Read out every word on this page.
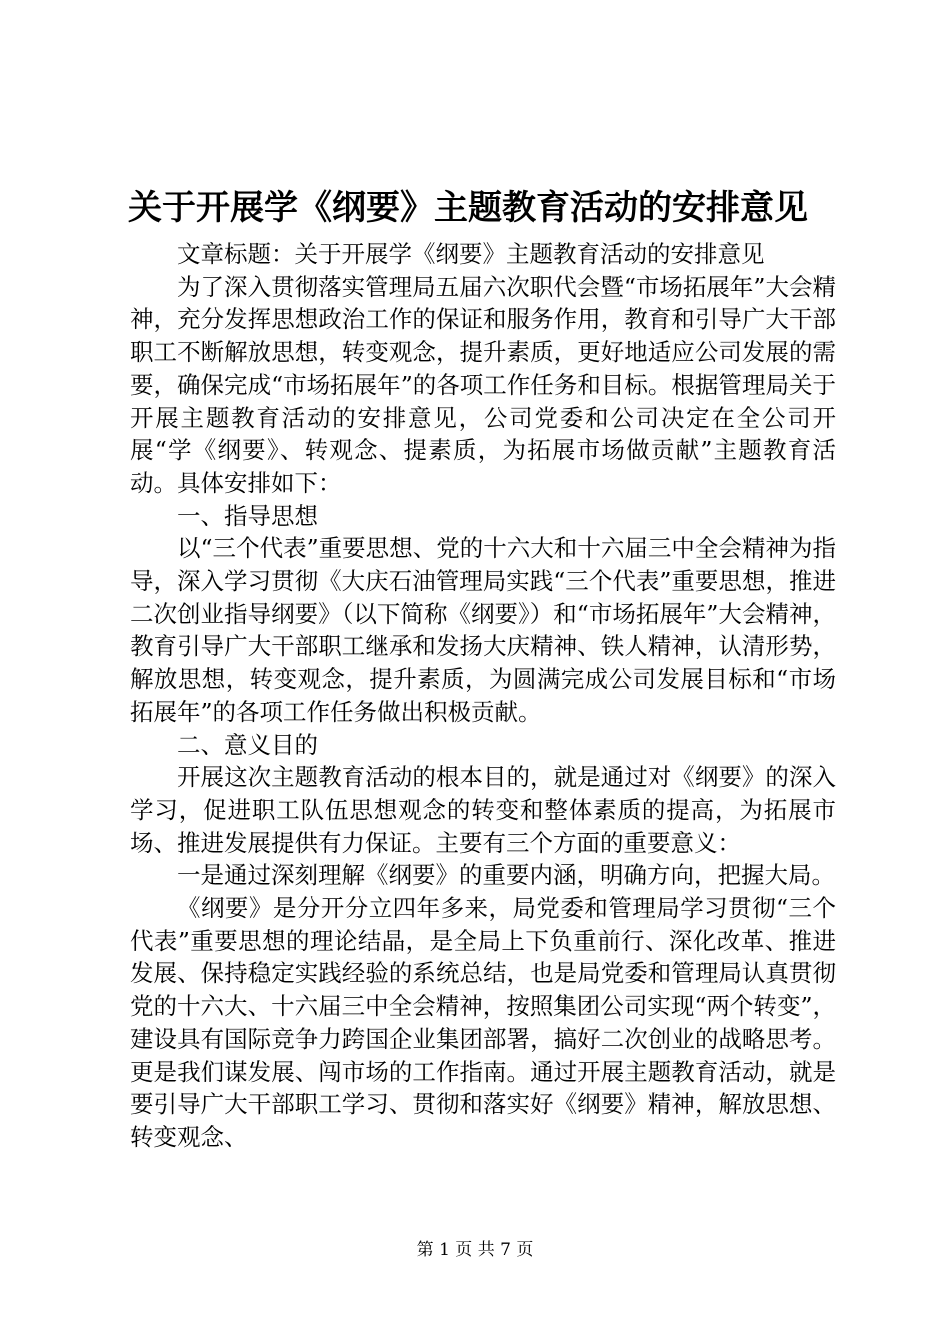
关于开展学《纲要》主题教育活动的安排意见

文章标题：关于开展学《纲要》主题教育活动的安排意见

为了深入贯彻落实管理局五届六次职代会暨“市场拓展年”大会精神，充分发挥思想政治工作的保证和服务作用，教育和引导广大干部职工不断解放思想，转变观念，提升素质，更好地适应公司发展的需要，确保完成“市场拓展年”的各项工作任务和目标。根据管理局关于开展主题教育活动的安排意见，公司党委和公司决定在全公司开展“学《纲要》、转观念、提素质，为拓展市场做贡献”主题教育活动。具体安排如下：

一、指导思想

以“三个代表”重要思想、党的十六大和十六届三中全会精神为指导，深入学习贯彻《大庆石油管理局实践“三个代表”重要思想，推进二次创业指导纲要》（以下简称《纲要》）和“市场拓展年”大会精神，教育引导广大干部职工继承和发扬大庆精神、铁人精神，认清形势，解放思想，转变观念，提升素质，为圆满完成公司发展目标和“市场拓展年”的各项工作任务做出积极贡献。

二、意义目的

开展这次主题教育活动的根本目的，就是通过对《纲要》的深入学习，促进职工队伍思想观念的转变和整体素质的提高，为拓展市场、推进发展提供有力保证。主要有三个方面的重要意义：

一是通过深刻理解《纲要》的重要内涵，明确方向，把握大局。

《纲要》是分开分立四年多来，局党委和管理局学习贯彻“三个代表”重要思想的理论结晶，是全局上下负重前行、深化改革、推进发展、保持稳定实践经验的系统总结，也是局党委和管理局认真贯彻党的十六大、十六届三中全会精神，按照集团公司实现“两个转变”，建设具有国际竞争力跨国企业集团部署，搞好二次创业的战略思考。更是我们谋发展、闯市场的工作指南。通过开展主题教育活动，就是要引导广大干部职工学习、贯彻和落实好《纲要》精神，解放思想、转变观念、

第 1 页 共 7 页
